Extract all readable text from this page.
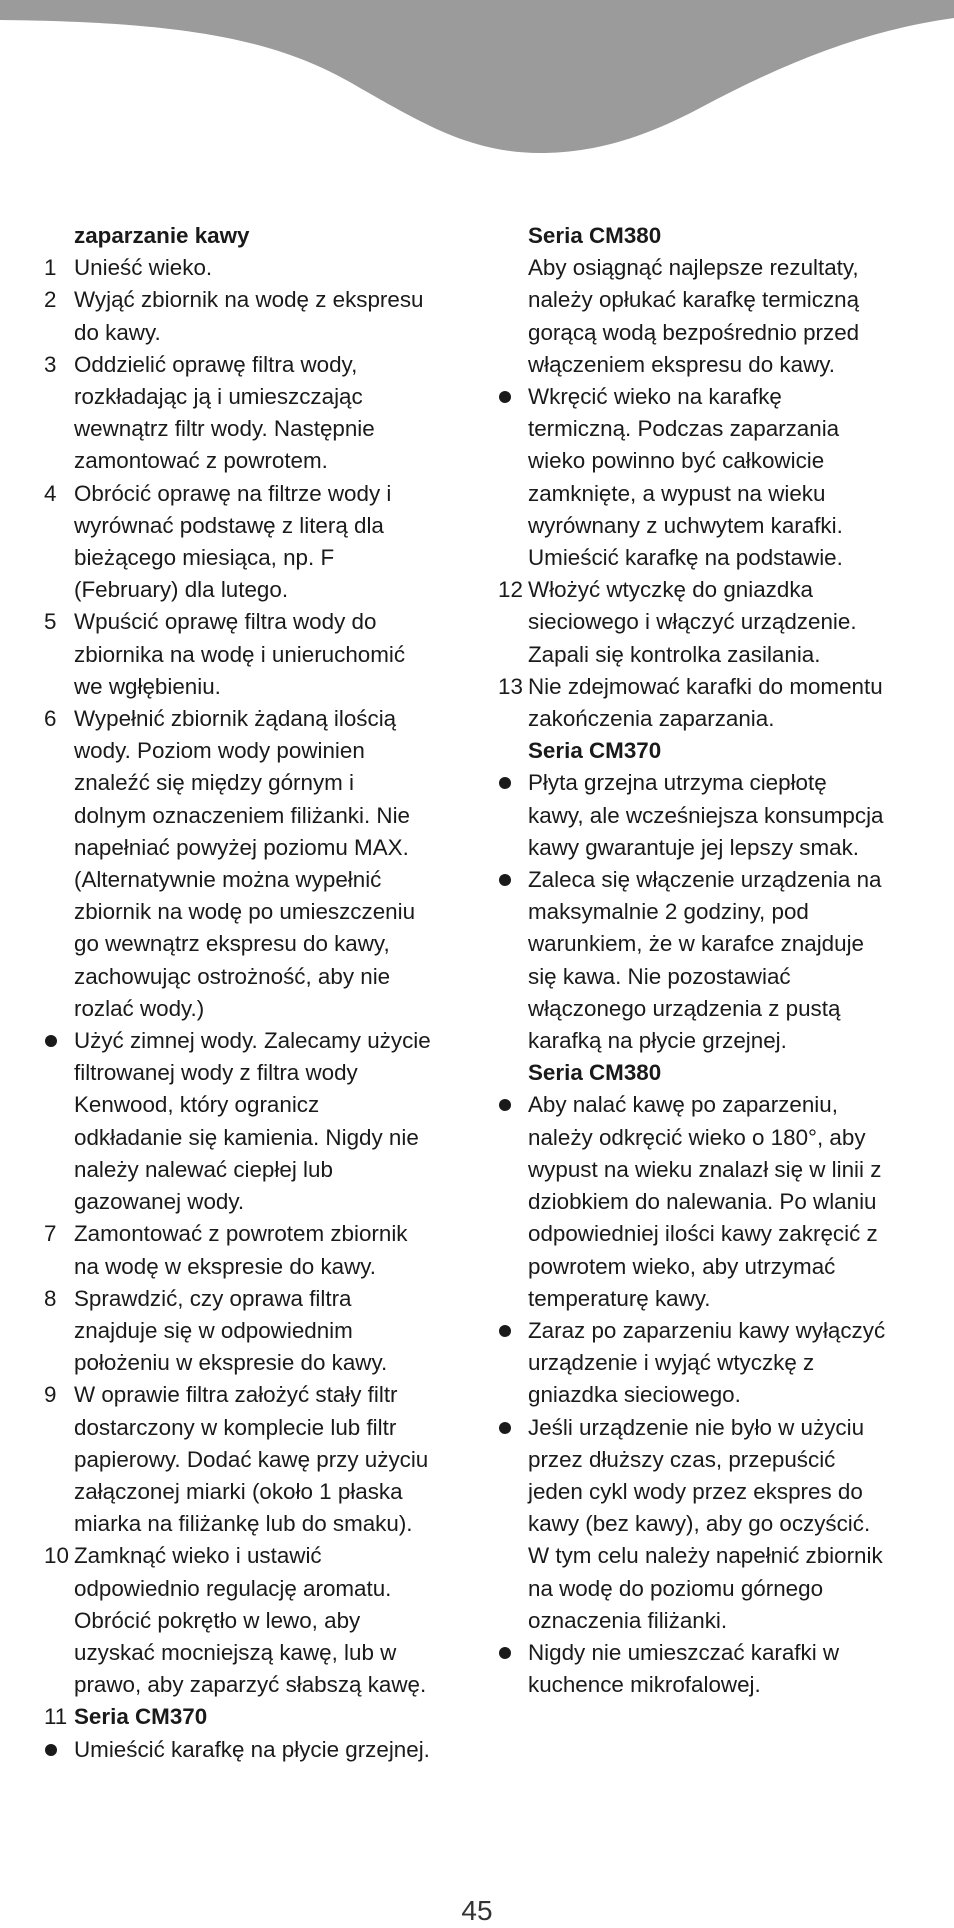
zaparzanie kawy
1 Unieść wieko.
2 Wyjąć zbiornik na wodę z ekspresu
do kawy.
3 Oddzielić oprawę filtra wody,
rozkładając ją i umieszczając
wewnątrz filtr wody. Następnie
zamontować z powrotem.
4 Obrócić oprawę na filtrze wody i
wyrównać podstawę z literą dla
bieżącego miesiąca, np. F
(February) dla lutego.
5 Wpuścić oprawę filtra wody do
zbiornika na wodę i unieruchomić
we wgłębieniu.
6 Wypełnić zbiornik żądaną ilością
wody. Poziom wody powinien
znaleźć się między górnym i
dolnym oznaczeniem filiżanki. Nie
napełniać powyżej poziomu MAX.
(Alternatywnie można wypełnić
zbiornik na wodę po umieszczeniu
go wewnątrz ekspresu do kawy,
zachowując ostrożność, aby nie
rozlać wody.)
Użyć zimnej wody. Zalecamy użycie
filtrowanej wody z filtra wody
Kenwood, który ogranicz
odkładanie się kamienia. Nigdy nie
należy nalewać ciepłej lub
gazowanej wody.
7 Zamontować z powrotem zbiornik
na wodę w ekspresie do kawy.
8 Sprawdzić, czy oprawa filtra
znajduje się w odpowiednim
położeniu w ekspresie do kawy.
9 W oprawie filtra założyć stały filtr
dostarczony w komplecie lub filtr
papierowy. Dodać kawę przy użyciu
załączonej miarki (około 1 płaska
miarka na filiżankę lub do smaku).
10 Zamknąć wieko i ustawić
odpowiednio regulację aromatu.
Obrócić pokrętło w lewo, aby
uzyskać mocniejszą kawę, lub w
prawo, aby zaparzyć słabszą kawę.
11 Seria CM370
Umieścić karafkę na płycie grzejnej.
Seria CM380
Aby osiągnąć najlepsze rezultaty,
należy opłukać karafkę termiczną
gorącą wodą bezpośrednio przed
włączeniem ekspresu do kawy.
Wkręcić wieko na karafkę
termiczną. Podczas zaparzania
wieko powinno być całkowicie
zamknięte, a wypust na wieku
wyrównany z uchwytem karafki.
Umieścić karafkę na podstawie.
12 Włożyć wtyczkę do gniazdka
sieciowego i włączyć urządzenie.
Zapali się kontrolka zasilania.
13 Nie zdejmować karafki do momentu
zakończenia zaparzania.
Seria CM370
Płyta grzejna utrzyma ciepłotę
kawy, ale wcześniejsza konsumpcja
kawy gwarantuje jej lepszy smak.
Zaleca się włączenie urządzenia na
maksymalnie 2 godziny, pod
warunkiem, że w karafce znajduje
się kawa. Nie pozostawiać
włączonego urządzenia z pustą
karafką na płycie grzejnej.
Seria CM380
Aby nalać kawę po zaparzeniu,
należy odkręcić wieko o 180°, aby
wypust na wieku znalazł się w linii z
dziobkiem do nalewania. Po wlaniu
odpowiedniej ilości kawy zakręcić z
powrotem wieko, aby utrzymać
temperaturę kawy.
Zaraz po zaparzeniu kawy wyłączyć
urządzenie i wyjąć wtyczkę z
gniazdka sieciowego.
Jeśli urządzenie nie było w użyciu
przez dłuższy czas, przepuścić
jeden cykl wody przez ekspres do
kawy (bez kawy), aby go oczyścić.
W tym celu należy napełnić zbiornik
na wodę do poziomu górnego
oznaczenia filiżanki.
Nigdy nie umieszczać karafki w
kuchence mikrofalowej.
45
